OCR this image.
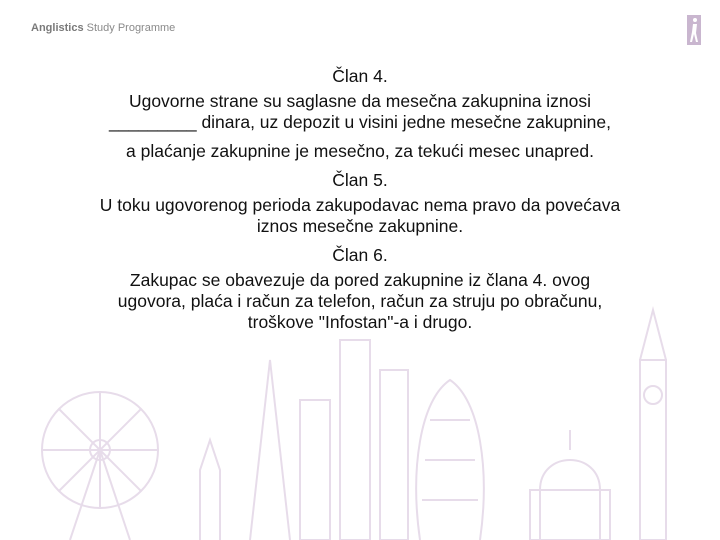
Anglistics Study Programme
Član 4.
Ugovorne strane su saglasne da mesečna zakupnina iznosi
_________ dinara, uz depozit u visini jedne mesečne zakupnine,
a plaćanje zakupnine je mesečno, za tekući mesec unapred.
Član 5.
U toku ugovorenog perioda zakupodavac nema pravo da povećava
iznos mesečne zakupnine.
Član 6.
Zakupac se obavezuje da pored zakupnine iz člana 4. ovog
ugovora, plaća i račun za telefon, račun za struju po obračunu,
troškove "Infostan"-a i drugo.
